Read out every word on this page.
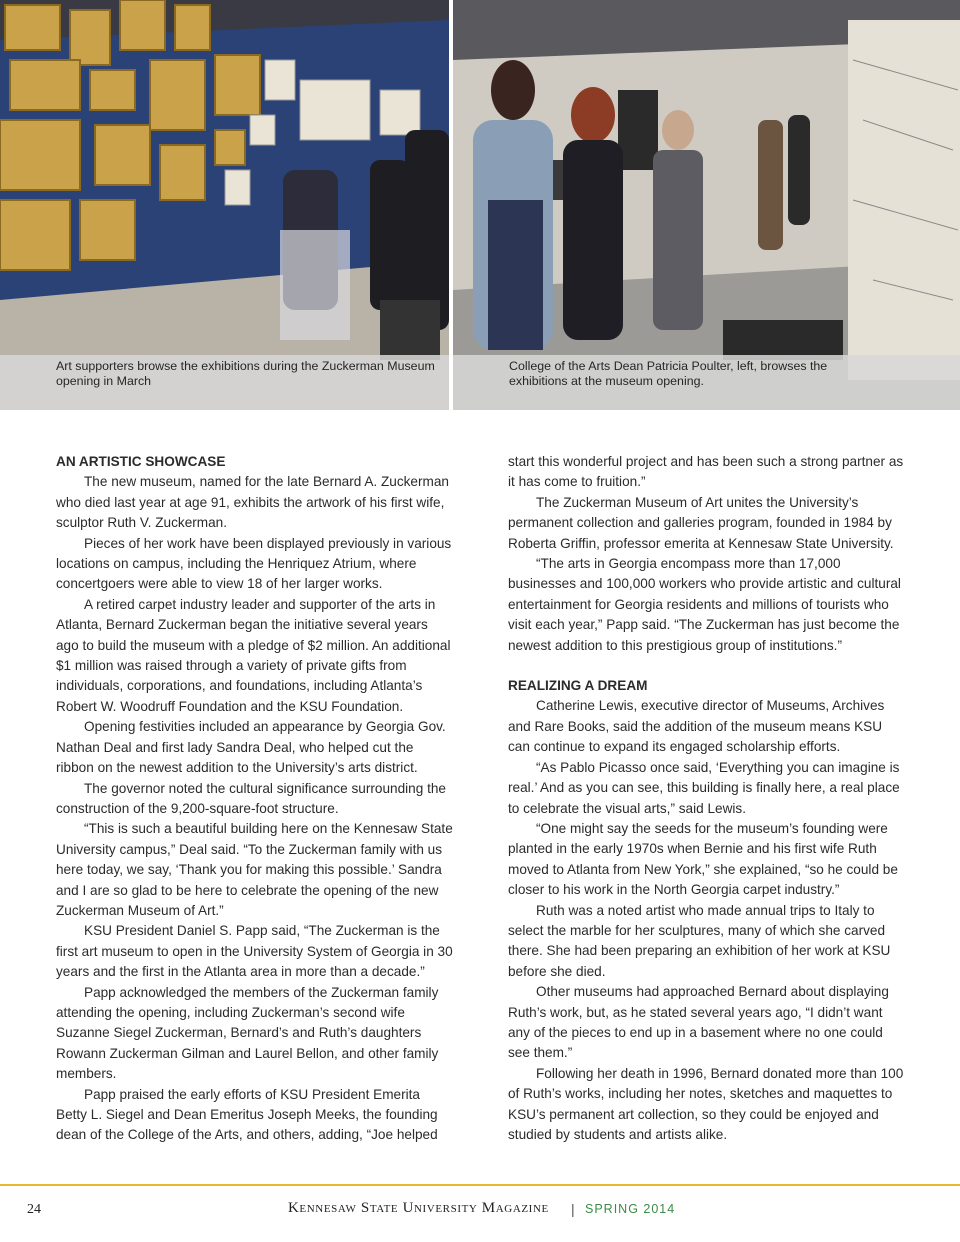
Art supporters browse the exhibitions during the Zuckerman Museum opening in March
College of the Arts Dean Patricia Poulter, left, browses the exhibitions at the museum opening.
AN ARTISTIC SHOWCASE

The new museum, named for the late Bernard A. Zuckerman who died last year at age 91, exhibits the artwork of his first wife, sculptor Ruth V. Zuckerman.

Pieces of her work have been displayed previously in various locations on campus, including the Henriquez Atrium, where concertgoers were able to view 18 of her larger works.

A retired carpet industry leader and supporter of the arts in Atlanta, Bernard Zuckerman began the initiative several years ago to build the museum with a pledge of $2 million. An additional $1 million was raised through a variety of private gifts from individuals, corporations, and foundations, including Atlanta’s Robert W. Woodruff Foundation and the KSU Foundation.

Opening festivities included an appearance by Georgia Gov. Nathan Deal and first lady Sandra Deal, who helped cut the ribbon on the newest addition to the University’s arts district.

The governor noted the cultural significance surrounding the construction of the 9,200-square-foot structure.

“This is such a beautiful building here on the Kennesaw State University campus,” Deal said. “To the Zuckerman family with us here today, we say, ‘Thank you for making this possible.’ Sandra and I are so glad to be here to celebrate the opening of the new Zuckerman Museum of Art.”

KSU President Daniel S. Papp said, “The Zuckerman is the first art museum to open in the University System of Georgia in 30 years and the first in the Atlanta area in more than a decade.”

Papp acknowledged the members of the Zuckerman family attending the opening, including Zuckerman’s second wife Suzanne Siegel Zuckerman, Bernard’s and Ruth’s daughters Rowann Zuckerman Gilman and Laurel Bellon, and other family members.

Papp praised the early efforts of KSU President Emerita Betty L. Siegel and Dean Emeritus Joseph Meeks, the founding dean of the College of the Arts, and others, adding, “Joe helped

start this wonderful project and has been such a strong partner as it has come to fruition.”

The Zuckerman Museum of Art unites the University’s permanent collection and galleries program, founded in 1984 by Roberta Griffin, professor emerita at Kennesaw State University.

“The arts in Georgia encompass more than 17,000 businesses and 100,000 workers who provide artistic and cultural entertainment for Georgia residents and millions of tourists who visit each year,” Papp said. “The Zuckerman has just become the newest addition to this prestigious group of institutions.”

REALIZING A DREAM

Catherine Lewis, executive director of Museums, Archives and Rare Books, said the addition of the museum means KSU can continue to expand its engaged scholarship efforts.

“As Pablo Picasso once said, ‘Everything you can imagine is real.’ And as you can see, this building is finally here, a real place to celebrate the visual arts,” said Lewis.

“One might say the seeds for the museum’s founding were planted in the early 1970s when Bernie and his first wife Ruth moved to Atlanta from New York,” she explained, “so he could be closer to his work in the North Georgia carpet industry.”

Ruth was a noted artist who made annual trips to Italy to select the marble for her sculptures, many of which she carved there. She had been preparing an exhibition of her work at KSU before she died.

Other museums had approached Bernard about displaying Ruth’s work, but, as he stated several years ago, “I didn’t want any of the pieces to end up in a basement where no one could see them.”

Following her death in 1996, Bernard donated more than 100 of Ruth’s works, including her notes, sketches and maquettes to KSU’s permanent art collection, so they could be enjoyed and studied by students and artists alike.

24	Kennesaw State University Magazine | SPRING 2014
